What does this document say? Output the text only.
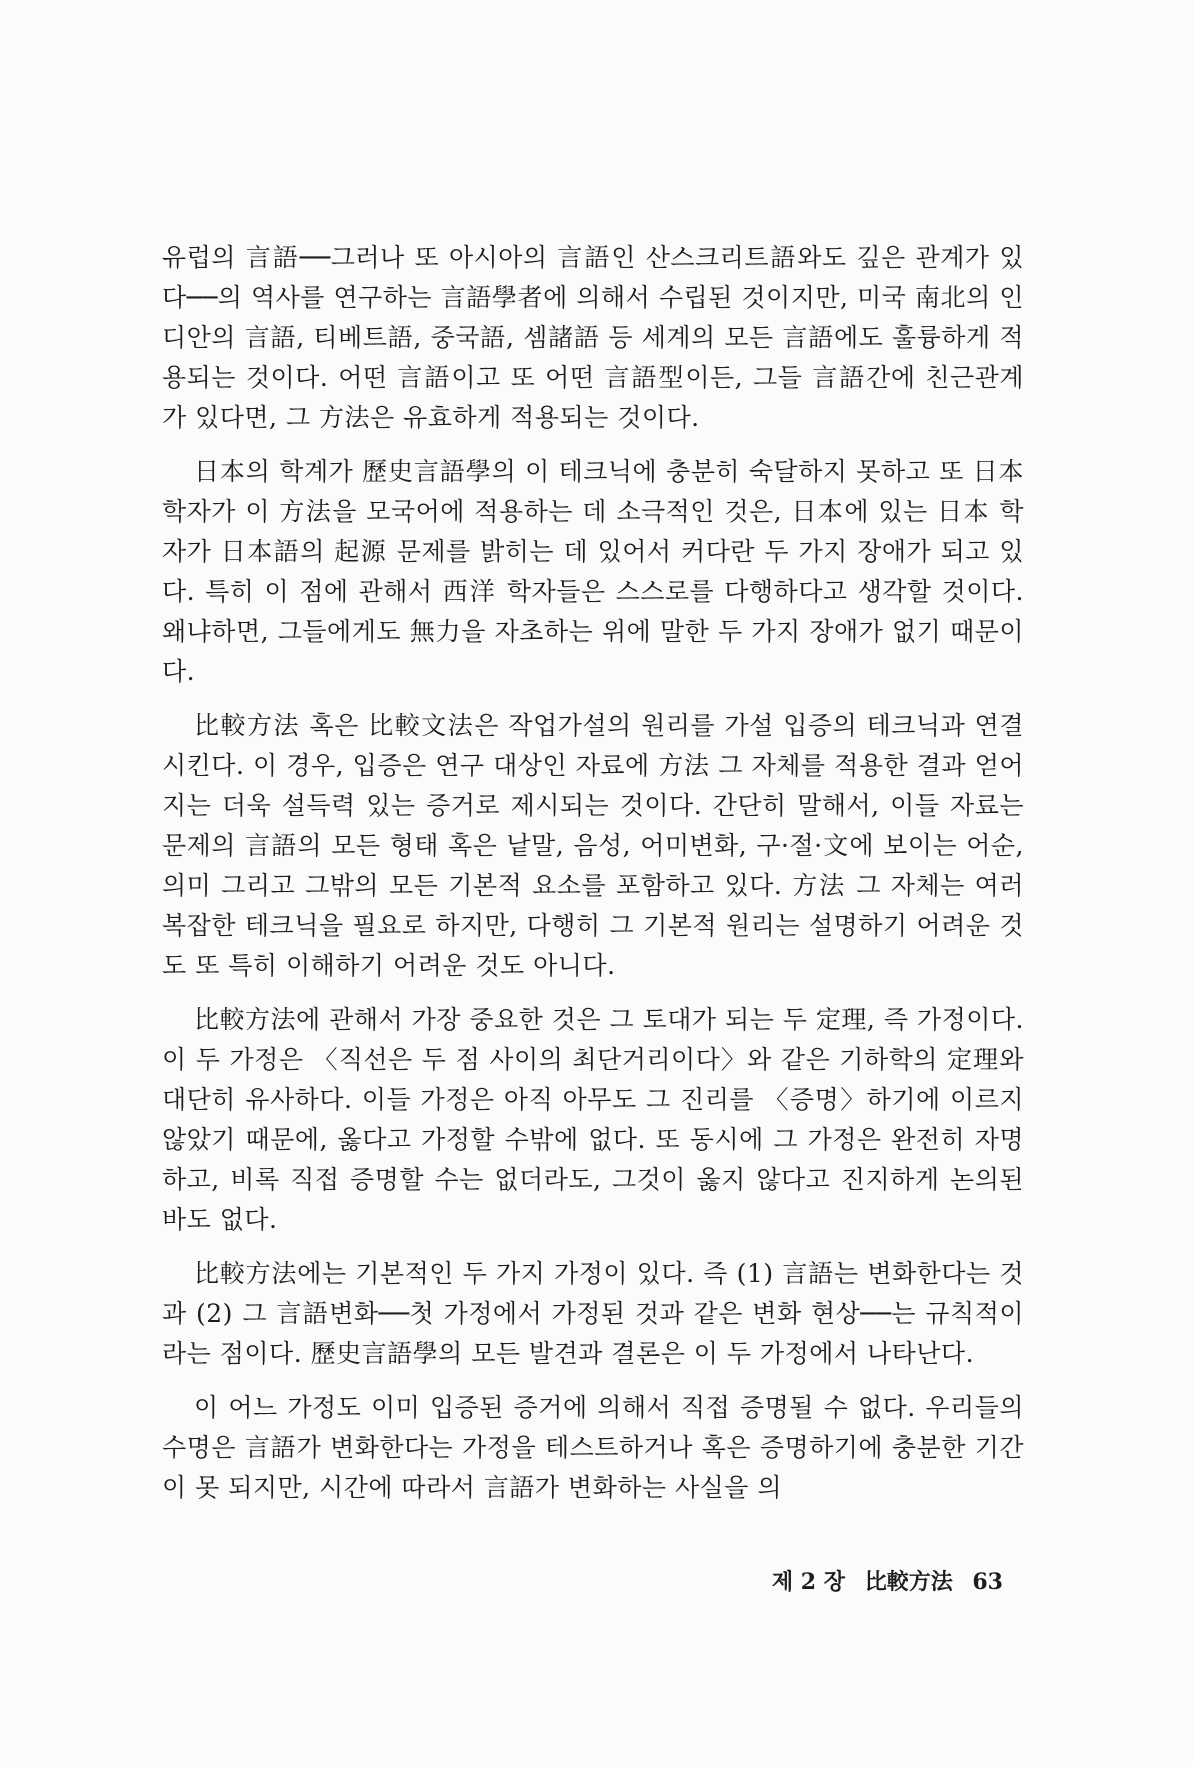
유럽의 言語──그러나 또 아시아의 言語인 산스크리트語와도 깊은 관계가 있다──의 역사를 연구하는 言語學者에 의해서 수립된 것이지만, 미국 南北의 인디안의 言語, 티베트語, 중국語, 셈諸語 등 세계의 모든 言語에도 훌륭하게 적용되는 것이다. 어떤 言語이고 또 어떤 言語型이든, 그들 言語간에 친근관계가 있다면, 그 方法은 유효하게 적용되는 것이다.

日本의 학계가 歷史言語學의 이 테크닉에 충분히 숙달하지 못하고 또 日本 학자가 이 方法을 모국어에 적용하는 데 소극적인 것은, 日本에 있는 日本 학자가 日本語의 起源 문제를 밝히는 데 있어서 커다란 두 가지 장애가 되고 있다. 특히 이 점에 관해서 西洋 학자들은 스스로를 다행하다고 생각할 것이다. 왜냐하면, 그들에게도 無力을 자초하는 위에 말한 두 가지 장애가 없기 때문이다.

比較方法 혹은 比較文法은 작업가설의 원리를 가설 입증의 테크닉과 연결시킨다. 이 경우, 입증은 연구 대상인 자료에 方法 그 자체를 적용한 결과 얻어지는 더욱 설득력 있는 증거로 제시되는 것이다. 간단히 말해서, 이들 자료는 문제의 言語의 모든 형태 혹은 낱말, 음성, 어미변화, 구·절·文에 보이는 어순, 의미 그리고 그밖의 모든 기본적 요소를 포함하고 있다. 方法 그 자체는 여러 복잡한 테크닉을 필요로 하지만, 다행히 그 기본적 원리는 설명하기 어려운 것도 또 특히 이해하기 어려운 것도 아니다.

比較方法에 관해서 가장 중요한 것은 그 토대가 되는 두 定理, 즉 가정이다. 이 두 가정은 〈직선은 두 점 사이의 최단거리이다〉와 같은 기하학의 定理와 대단히 유사하다. 이들 가정은 아직 아무도 그 진리를 〈증명〉하기에 이르지 않았기 때문에, 옳다고 가정할 수밖에 없다. 또 동시에 그 가정은 완전히 자명하고, 비록 직접 증명할 수는 없더라도, 그것이 옳지 않다고 진지하게 논의된 바도 없다.

比較方法에는 기본적인 두 가지 가정이 있다. 즉 (1) 言語는 변화한다는 것과 (2) 그 言語변화──첫 가정에서 가정된 것과 같은 변화 현상──는 규칙적이라는 점이다. 歷史言語學의 모든 발견과 결론은 이 두 가정에서 나타난다.

이 어느 가정도 이미 입증된 증거에 의해서 직접 증명될 수 없다. 우리들의 수명은 言語가 변화한다는 가정을 테스트하거나 혹은 증명하기에 충분한 기간이 못 되지만, 시간에 따라서 言語가 변화하는 사실을 의

제 2 장 比較方法 63
